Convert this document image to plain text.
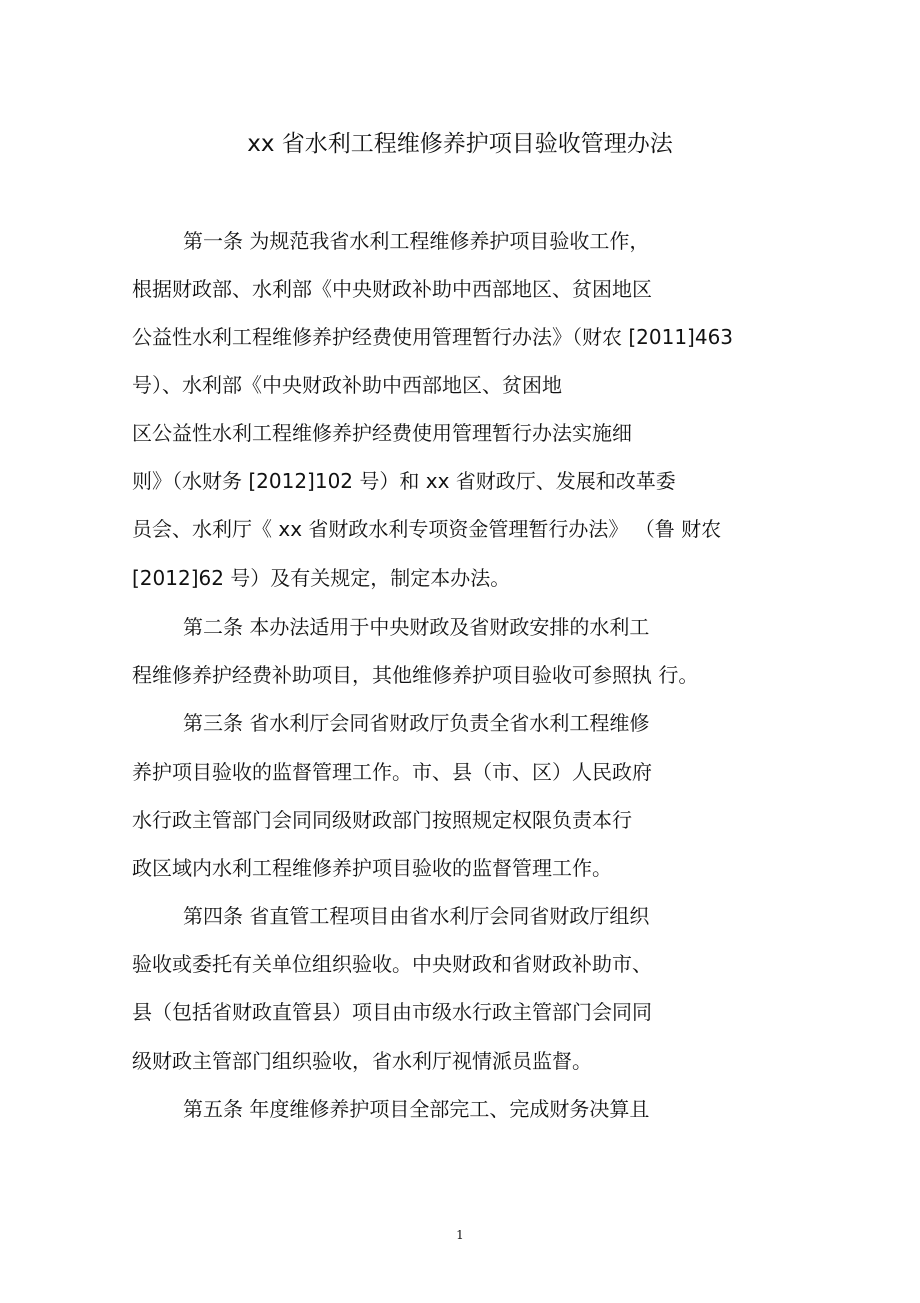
xx 省水利工程维修养护项目验收管理办法
第一条 为规范我省水利工程维修养护项目验收工作，
根据财政部、水利部《中央财政补助中西部地区、贫困地区
公益性水利工程维修养护经费使用管理暂行办法》（财农 [2011]463
号）、水利部《中央财政补助中西部地区、贫困地
区公益性水利工程维修养护经费使用管理暂行办法实施细
则》（水财务 [2012]102 号）和 xx 省财政厅、发展和改革委
员会、水利厅《 xx 省财政水利专项资金管理暂行办法》 （鲁 财农
[2012]62 号）及有关规定，制定本办法。
第二条 本办法适用于中央财政及省财政安排的水利工
程维修养护经费补助项目，其他维修养护项目验收可参照执 行。
第三条 省水利厅会同省财政厅负责全省水利工程维修
养护项目验收的监督管理工作。市、县（市、区）人民政府
水行政主管部门会同同级财政部门按照规定权限负责本行
政区域内水利工程维修养护项目验收的监督管理工作。
第四条 省直管工程项目由省水利厅会同省财政厅组织
验收或委托有关单位组织验收。中央财政和省财政补助市、
县（包括省财政直管县）项目由市级水行政主管部门会同同
级财政主管部门组织验收，省水利厅视情派员监督。
第五条 年度维修养护项目全部完工、完成财务决算且
1
